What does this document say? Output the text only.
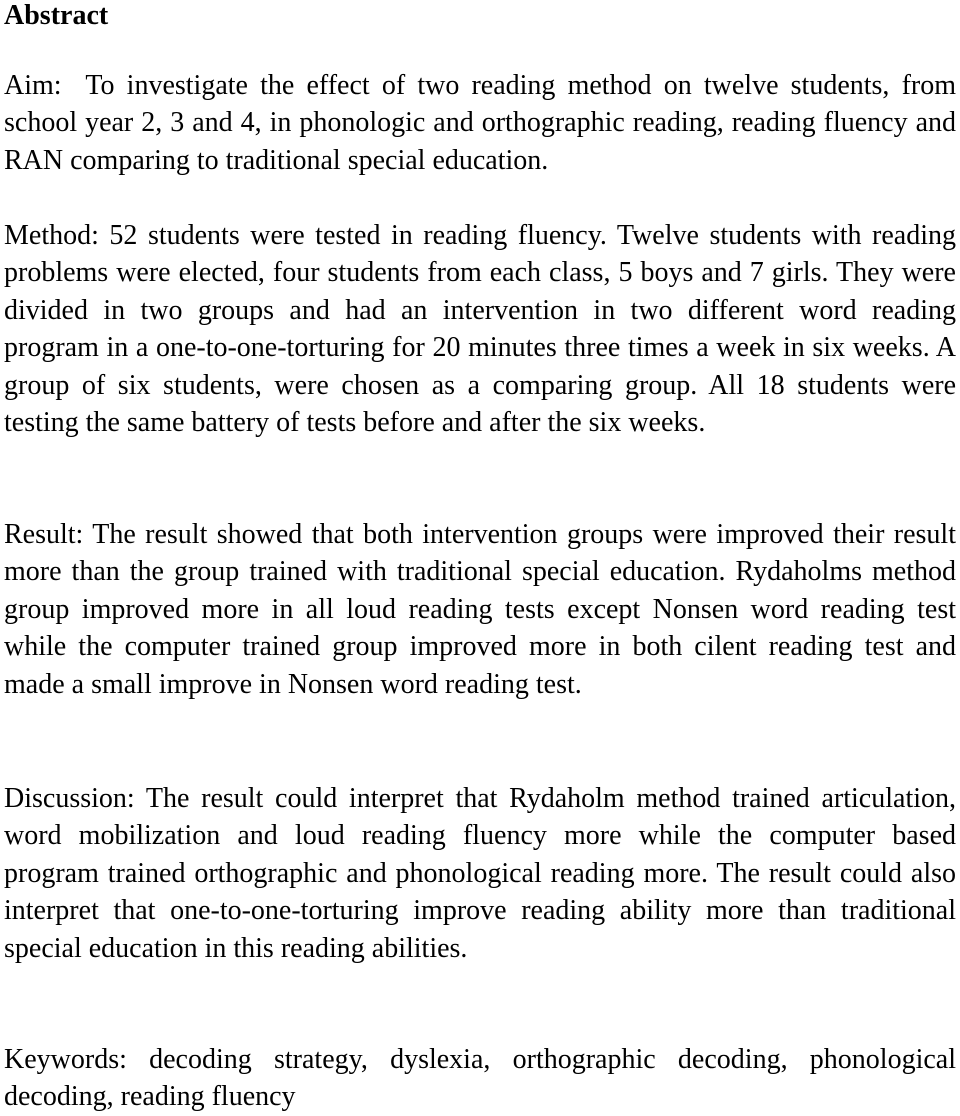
Abstract

Aim: To investigate the effect of two reading method on twelve students, from school year 2, 3 and 4, in phonologic and orthographic reading, reading fluency and RAN comparing to traditional special education.

Method: 52 students were tested in reading fluency. Twelve students with reading problems were elected, four students from each class, 5 boys and 7 girls. They were divided in two groups and had an intervention in two different word reading program in a one-to-one-torturing for 20 minutes three times a week in six weeks. A group of six students, were chosen as a comparing group. All 18 students were testing the same battery of tests before and after the six weeks.

Result: The result showed that both intervention groups were improved their result more than the group trained with traditional special education. Rydaholms method group improved more in all loud reading tests except Nonsen word reading test while the computer trained group improved more in both cilent reading test and made a small improve in Nonsen word reading test.

Discussion: The result could interpret that Rydaholm method trained articulation, word mobilization and loud reading fluency more while the computer based program trained orthographic and phonological reading more. The result could also interpret that one-to-one-torturing improve reading ability more than traditional special education in this reading abilities.

Keywords: decoding strategy, dyslexia, orthographic decoding, phonological decoding, reading fluency
